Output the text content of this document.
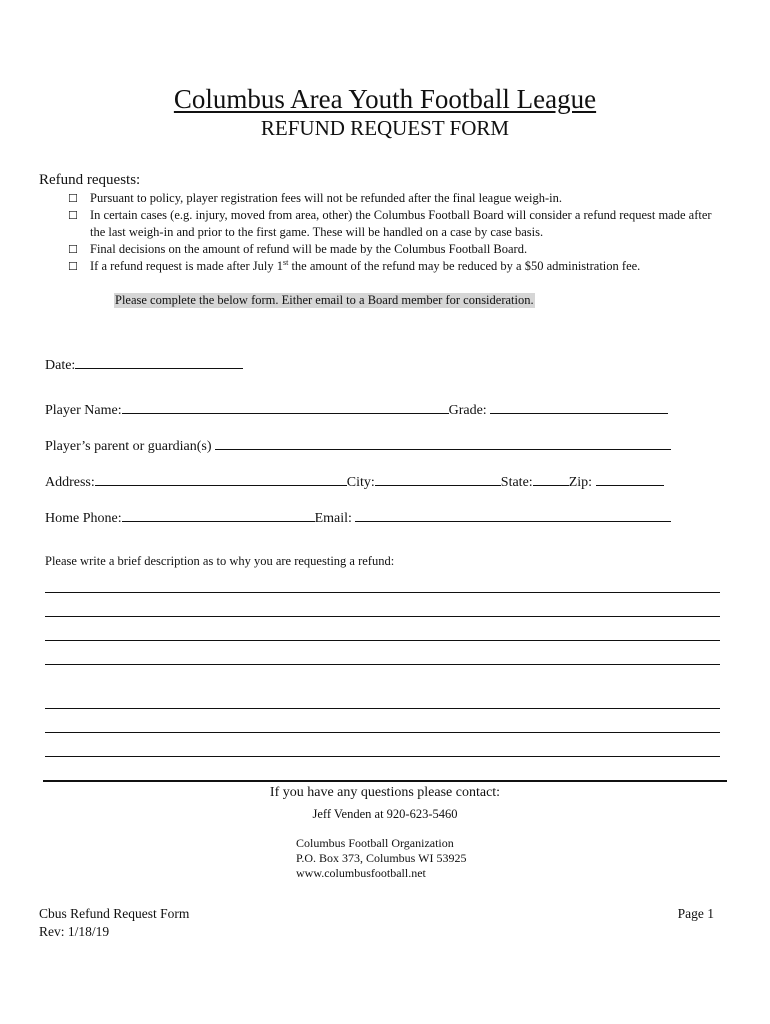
Columbus Area Youth Football League
REFUND REQUEST FORM
Refund requests:
☐ Pursuant to policy, player registration fees will not be refunded after the final league weigh-in.
☐ In certain cases (e.g. injury, moved from area, other) the Columbus Football Board will consider a refund request made after the last weigh-in and prior to the first game. These will be handled on a case by case basis.
☐ Final decisions on the amount of refund will be made by the Columbus Football Board.
☐ If a refund request is made after July 1st the amount of the refund may be reduced by a $50 administration fee.
Please complete the below form. Either email to a Board member for consideration.
Date:
Player Name:	Grade:
Player’s parent or guardian(s)
Address:	City:	State:	Zip:
Home Phone:	Email:
Please write a brief description as to why you are requesting a refund:
If you have any questions please contact:
Jeff Venden at 920-623-5460
Columbus Football Organization
P.O. Box 373, Columbus WI 53925
www.columbusfootball.net
Cbus Refund Request Form
Rev: 1/18/19
Page 1
